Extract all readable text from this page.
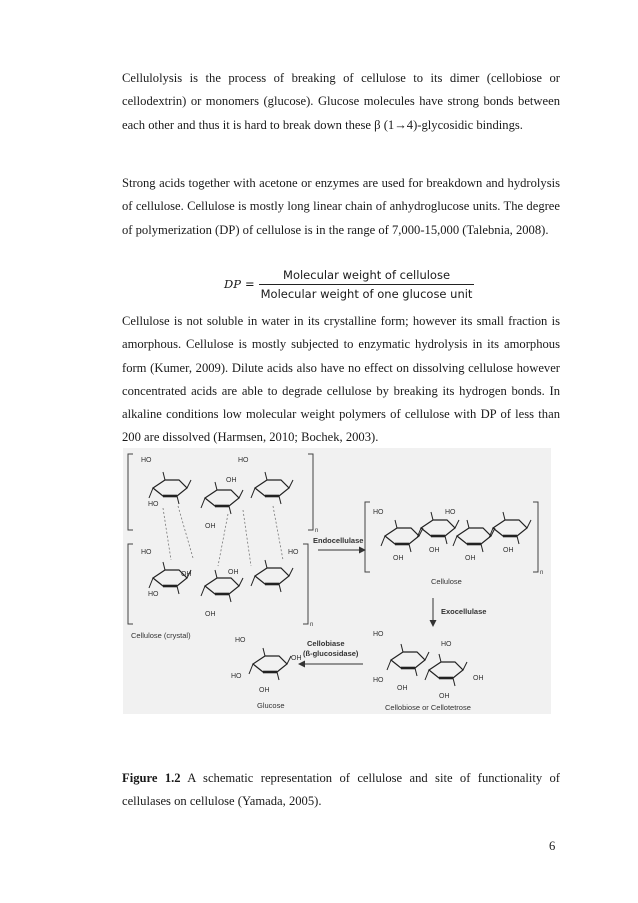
Cellulolysis is the process of breaking of cellulose to its dimer (cellobiose or cellodextrin) or monomers (glucose). Glucose molecules have strong bonds between each other and thus it is hard to break down these β (1→4)-glycosidic bindings.

Strong acids together with acetone or enzymes are used for breakdown and hydrolysis of cellulose. Cellulose is mostly long linear chain of anhydroglucose units. The degree of polymerization (DP) of cellulose is in the range of 7,000-15,000 (Talebnia, 2008).

DP = $\frac{\text{Molecular weight of cellulose}}{\text{Molecular weight of one glucose unit}}$

Cellulose is not soluble in water in its crystalline form; however its small fraction is amorphous. Cellulose is mostly subjected to enzymatic hydrolysis in its amorphous form (Kumer, 2009). Dilute acids also have no effect on dissolving cellulose however concentrated acids are able to degrade cellulose by breaking its hydrogen bonds. In alkaline conditions low molecular weight polymers of cellulose with DP of less than 200 are dissolved (Harmsen, 2010; Bochek, 2003).

n
n
HO	HO
OH
HO
OH
HO	HO
OH	OH
HO
OH
Cellulose (crystal)
Endocellulase
n
HO	HO
OH
OH
OH
OH
Cellulose
Exocellulase
HO
HO
HO
OH
OH
OH
Cellobiose or Cellotetrose
Cellobiase
(ß-glucosidase)
HO
HO
OH
OH
Glucose

Figure 1.2 A schematic representation of cellulose and site of functionality of cellulases on cellulose (Yamada, 2005).

6
